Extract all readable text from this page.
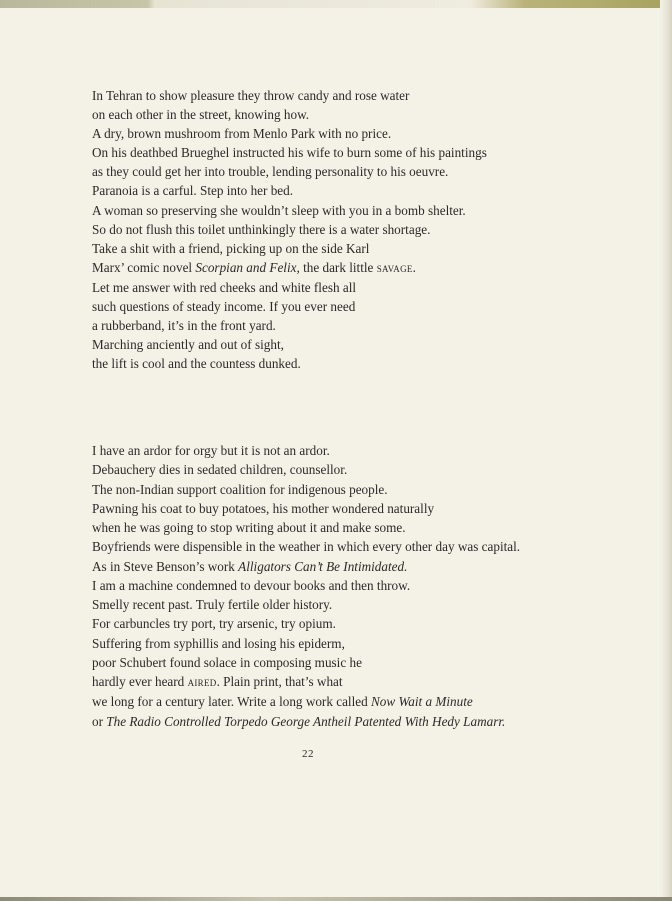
In Tehran to show pleasure they throw candy and rose water
on each other in the street, knowing how.
A dry, brown mushroom from Menlo Park with no price.
On his deathbed Brueghel instructed his wife to burn some of his paintings
as they could get her into trouble, lending personality to his oeuvre.
Paranoia is a carful. Step into her bed.
A woman so preserving she wouldn’t sleep with you in a bomb shelter.
So do not flush this toilet unthinkingly there is a water shortage.
Take a shit with a friend, picking up on the side Karl
Marx’ comic novel Scorpian and Felix, the dark little savage.
Let me answer with red cheeks and white flesh all
such questions of steady income. If you ever need
a rubberband, it’s in the front yard.
Marching anciently and out of sight,
the lift is cool and the countess dunked.
I have an ardor for orgy but it is not an ardor.
Debauchery dies in sedated children, counsellor.
The non-Indian support coalition for indigenous people.
Pawning his coat to buy potatoes, his mother wondered naturally
when he was going to stop writing about it and make some.
Boyfriends were dispensible in the weather in which every other day was capital.
As in Steve Benson’s work Alligators Can’t Be Intimidated.
I am a machine condemned to devour books and then throw.
Smelly recent past. Truly fertile older history.
For carbuncles try port, try arsenic, try opium.
Suffering from syphillis and losing his epiderm,
poor Schubert found solace in composing music he
hardly ever heard aired. Plain print, that’s what
we long for a century later. Write a long work called Now Wait a Minute
or The Radio Controlled Torpedo George Antheil Patented With Hedy Lamarr.
22
